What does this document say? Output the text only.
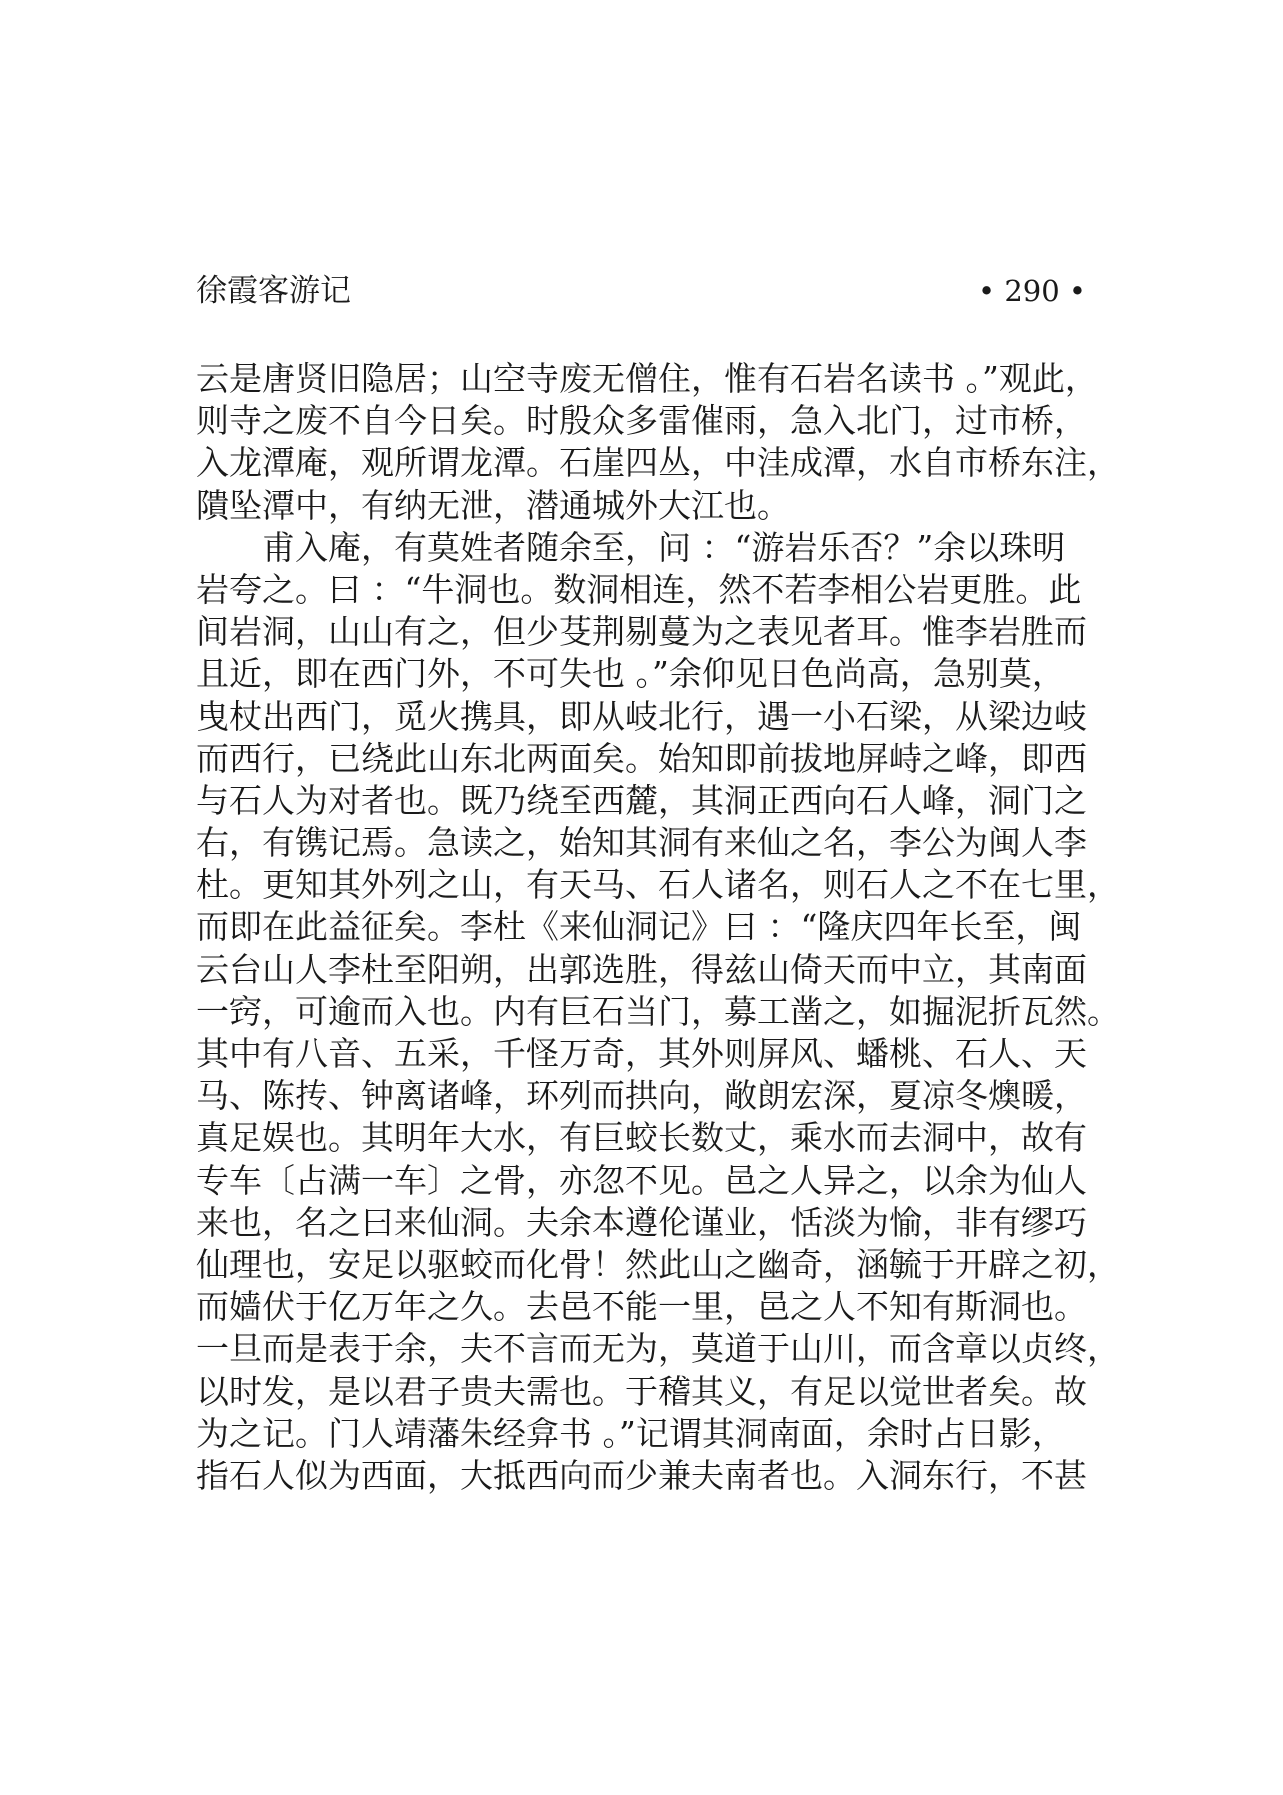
徐霞客游记	• 290 •
云是唐贤旧隐居；山空寺废无僧住，惟有石岩名读书 。”观此，
则寺之废不自今日矣。时殷众多雷催雨，急入北门，过市桥，
入龙潭庵，观所谓龙潭。石崖四丛，中洼成潭，水自市桥东注，
隤坠潭中，有纳无泄，潜通城外大江也。
甫入庵，有莫姓者随余至，问 ：“游岩乐否？”余以珠明
岩夸之。曰 ：“牛洞也。数洞相连，然不若李相公岩更胜。此
间岩洞，山山有之，但少芟荆剔蔓为之表见者耳。惟李岩胜而
且近，即在西门外，不可失也 。”余仰见日色尚高，急别莫，
曳杖出西门，觅火携具，即从岐北行，遇一小石梁，从梁边岐
而西行，已绕此山东北两面矣。始知即前拔地屏峙之峰，即西
与石人为对者也。既乃绕至西麓，其洞正西向石人峰，洞门之
右，有镌记焉。急读之，始知其洞有来仙之名，李公为闽人李
杜。更知其外列之山，有天马、石人诸名，则石人之不在七里，
而即在此益征矣。李杜《来仙洞记》曰 ：“隆庆四年长至，闽
云台山人李杜至阳朔，出郭选胜，得兹山倚天而中立，其南面
一窍，可逾而入也。内有巨石当门，募工凿之，如掘泥折瓦然。
其中有八音、五采，千怪万奇，其外则屏风、蟠桃、石人、天
马、陈抟、钟离诸峰，环列而拱向，敞朗宏深，夏凉冬燠暖，
真足娱也。其明年大水，有巨蛟长数丈，乘水而去洞中，故有
专车〔占满一车〕之骨，亦忽不见。邑之人异之，以余为仙人
来也，名之曰来仙洞。夫余本遵伦谨业，恬淡为愉，非有缪巧
仙理也，安足以驱蛟而化骨！然此山之幽奇，涵毓于开辟之初，
而嫱伏于亿万年之久。去邑不能一里，邑之人不知有斯洞也。
一旦而是表于余，夫不言而无为，莫道于山川，而含章以贞终，
以时发，是以君子贵夫需也。于稽其义，有足以觉世者矣。故
为之记。门人靖藩朱经弇书 。”记谓其洞南面，余时占日影，
指石人似为西面，大抵西向而少兼夫南者也。入洞东行，不甚
